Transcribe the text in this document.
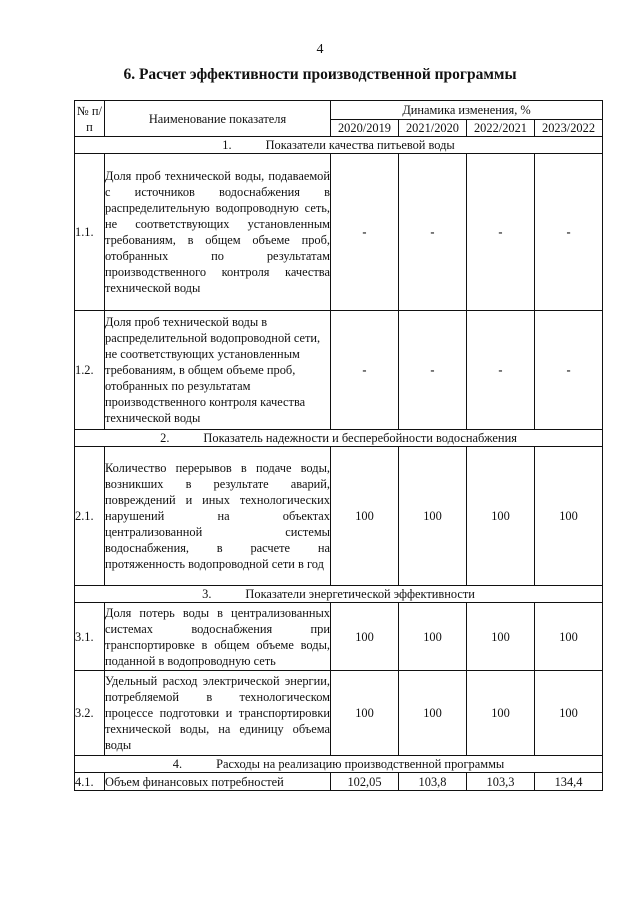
4
6. Расчет эффективности производственной программы
№ п/п	Наименование показателя	Динамика изменения, %			
		2020/2019	2021/2020	2022/2021	2023/2022

1. Показатели качества питьевой воды					

1.1.	Доля проб технической воды, подаваемой с источников водоснабжения в распределительную водопроводную сеть, не соответствующих установленным требованиям, в общем объеме проб, отобранных по результатам производственного контроля качества технической воды	-	-	-	-
1.2.	Доля проб технической воды в распределительной водопроводной сети, не соответствующих установленным требованиям, в общем объеме проб, отобранных по результатам производственного контроля качества технической воды	-	-	-	-

2. Показатель надежности и бесперебойности водоснабжения					

2.1.	Количество перерывов в подаче воды, возникших в результате аварий, повреждений и иных технологических нарушений на объектах централизованной системы водоснабжения, в расчете на протяженность водопроводной сети в год	100	100	100	100

3. Показатели энергетической эффективности					

3.1.	Доля потерь воды в централизованных системах водоснабжения при транспортировке в общем объеме воды, поданной в водопроводную сеть	100	100	100	100
3.2.	Удельный расход электрической энергии, потребляемой в технологическом процессе подготовки и транспортировки технической воды, на единицу объема воды	100	100	100	100

4. Расходы на реализацию производственной программы					

4.1.	Объем финансовых потребностей	102,05	103,8	103,3	134,4
